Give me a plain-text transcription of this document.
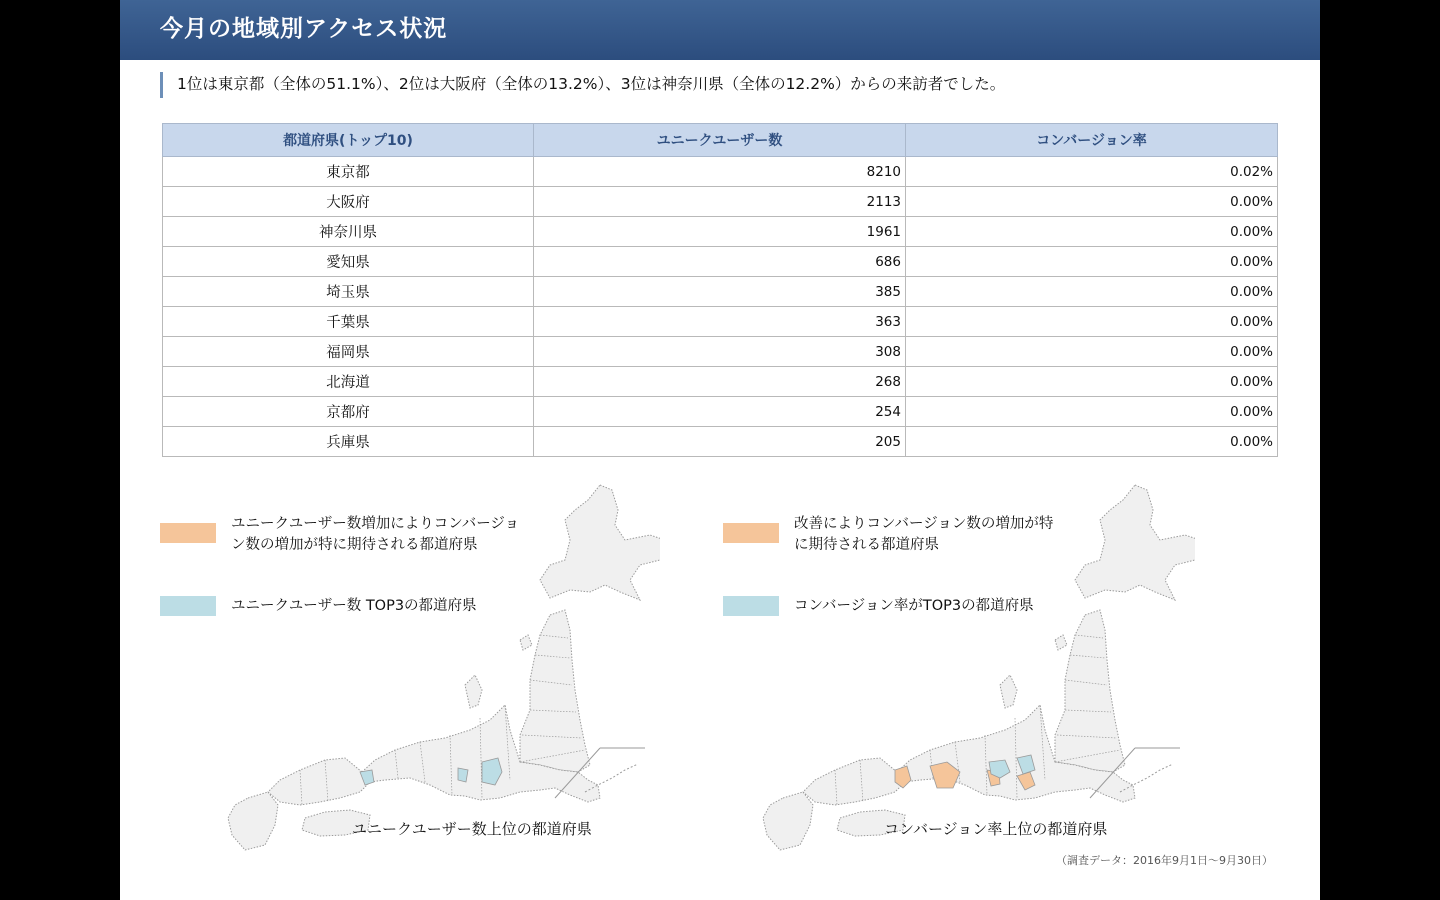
今月の地域別アクセス状況
1位は東京都（全体の51.1%）、2位は大阪府（全体の13.2%）、3位は神奈川県（全体の12.2%）からの来訪者でした。
都道府県(トップ10)	ユニークユーザー数	コンバージョン率
東京都	8210	0.02%
大阪府	2113	0.00%
神奈川県	1961	0.00%
愛知県	686	0.00%
埼玉県	385	0.00%
千葉県	363	0.00%
福岡県	308	0.00%
北海道	268	0.00%
京都府	254	0.00%
兵庫県	205	0.00%
ユニークユーザー数増加によりコンバージョン数の増加が特に期待される都道府県
ユニークユーザー数 TOP3の都道府県
ユニークユーザー数上位の都道府県
改善によりコンバージョン数の増加が特に期待される都道府県
コンバージョン率がTOP3の都道府県
コンバージョン率上位の都道府県
（調査データ：2016年9月1日～9月30日）
